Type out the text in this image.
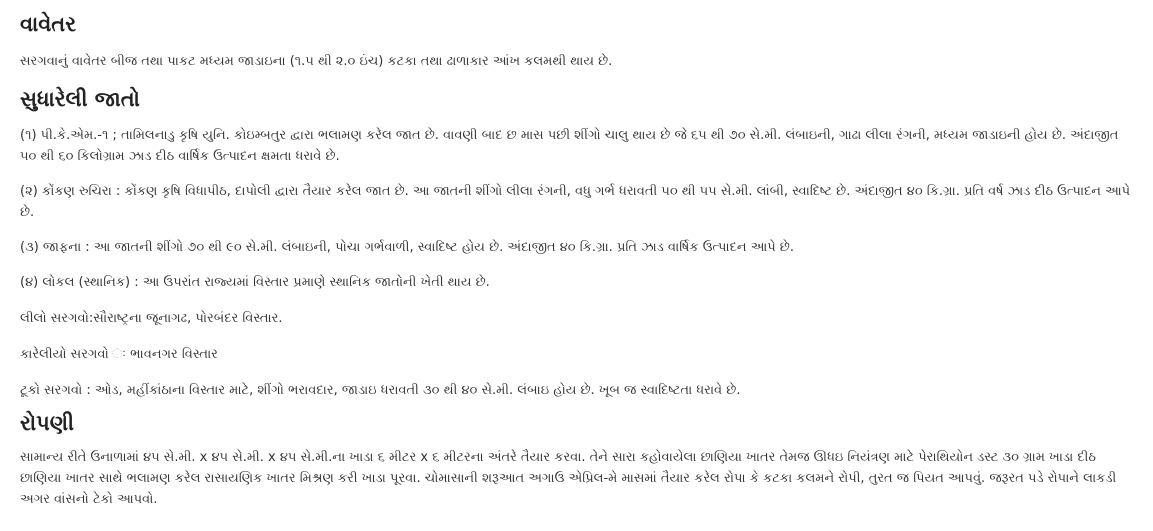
વાવેતર

સરગવાનું વાવેતર બીજ તથા પાકટ મધ્યમ જાડાઇના (૧.૫ થી ૨.૦ ઇંચ) કટકા તથા ઢાળાકાર આંખ કલમથી થાય છે.

સુધારેલી જાતો

(૧) પી.કે.એમ.-૧ ; તામિલનાડુ કૃષિ યુનિ. કોઇમ્બતુર દ્વારા ભલામણ કરેલ જાત છે. વાવણી બાદ છ માસ પછી શીંગો ચાલુ થાય છે જે ૬૫ થી ૭૦ સે.મી. લંબાઇની, ગાઢા લીલા રંગની, મધ્યમ જાડાઇની હોય છે. અંદાજીત ૫૦ થી ૬૦ કિલોગ્રામ ઝાડ દીઠ વાર્ષિક ઉત્પાદન ક્ષમતા ધરાવે છે.

(૨) કોંકણ રુચિરા : કોંકણ કૃષિ વિધાપીઠ, દાપોલી દ્વારા તૈયાર કરેલ જાત છે. આ જાતની શીંગો લીલા રંગની, વધુ ગર્ભ ધરાવતી ૫૦ થી ૫૫ સે.મી. લાંબી, સ્વાદિષ્ટ છે. અંદાજીત ૪૦ કિ.ગ્રા. પ્રતિ વર્ષ ઝાડ દીઠ ઉત્પાદન આપે છે.

(૩) જાફના : આ જાતની શીંગો ૭૦ થી ૯૦ સે.મી. લંબાઇની, પોચા ગર્ભવાળી, સ્વાદિષ્ટ હોય છે. અંદાજીત ૪૦ કિ.ગ્રા. પ્રતિ ઝાડ વાર્ષિક ઉત્પાદન આપે છે.

(૪) લોકલ (સ્થાનિક) : આ ઉપરાંત રાજ્યમાં વિસ્તાર પ્રમાણે સ્થાનિક જાતોની ખેતી થાય છે.

લીલો સરગવો:સૌરાષ્ટ્રના જૂનાગઢ, પોરબંદર વિસ્તાર.

કારેલીયો સરગવો ઃ ભાવનગર વિસ્તાર

ટૂકો સરગવો : ઓડ, મહીંકાંઠાના વિસ્તાર માટે, શીંગો ભરાવદાર, જાડાઇ ધરાવતી ૩૦ થી ૪૦ સે.મી. લંબાઇ હોય છે. ખૂબ જ સ્વાદિષ્ટતા ધરાવે છે.

રોપણી

સામાન્ય રીતે ઉનાળામાં ૪૫ સે.મી. x ૪૫ સે.મી. x ૪૫ સે.મી.ના ખાડા ૬ મીટર x ૬ મીટરના અંતરે તૈયાર કરવા. તેને સારા કહોવાયેલા છાણિયા ખાતર તેમજ ઊધઇ નિયંત્રણ માટે પેરાથિયોન ડસ્ટ ૩૦ ગ્રામ ખાડા દીઠ છાણિયા ખાતર સાથે ભલામણ કરેલ રાસાયણિક ખાતર મિશ્રણ કરી ખાડા પૂરવા. ચોમાસાની શરૂઆત અગાઉ એપ્રિલ-મે માસમાં તૈયાર કરેલ રોપા કે કટકા કલમને રોપી, તુરત જ પિયત આપવું. જરૂરત પડે રોપાને લાકડી અગર વાંસનો ટેકો આપવો.
